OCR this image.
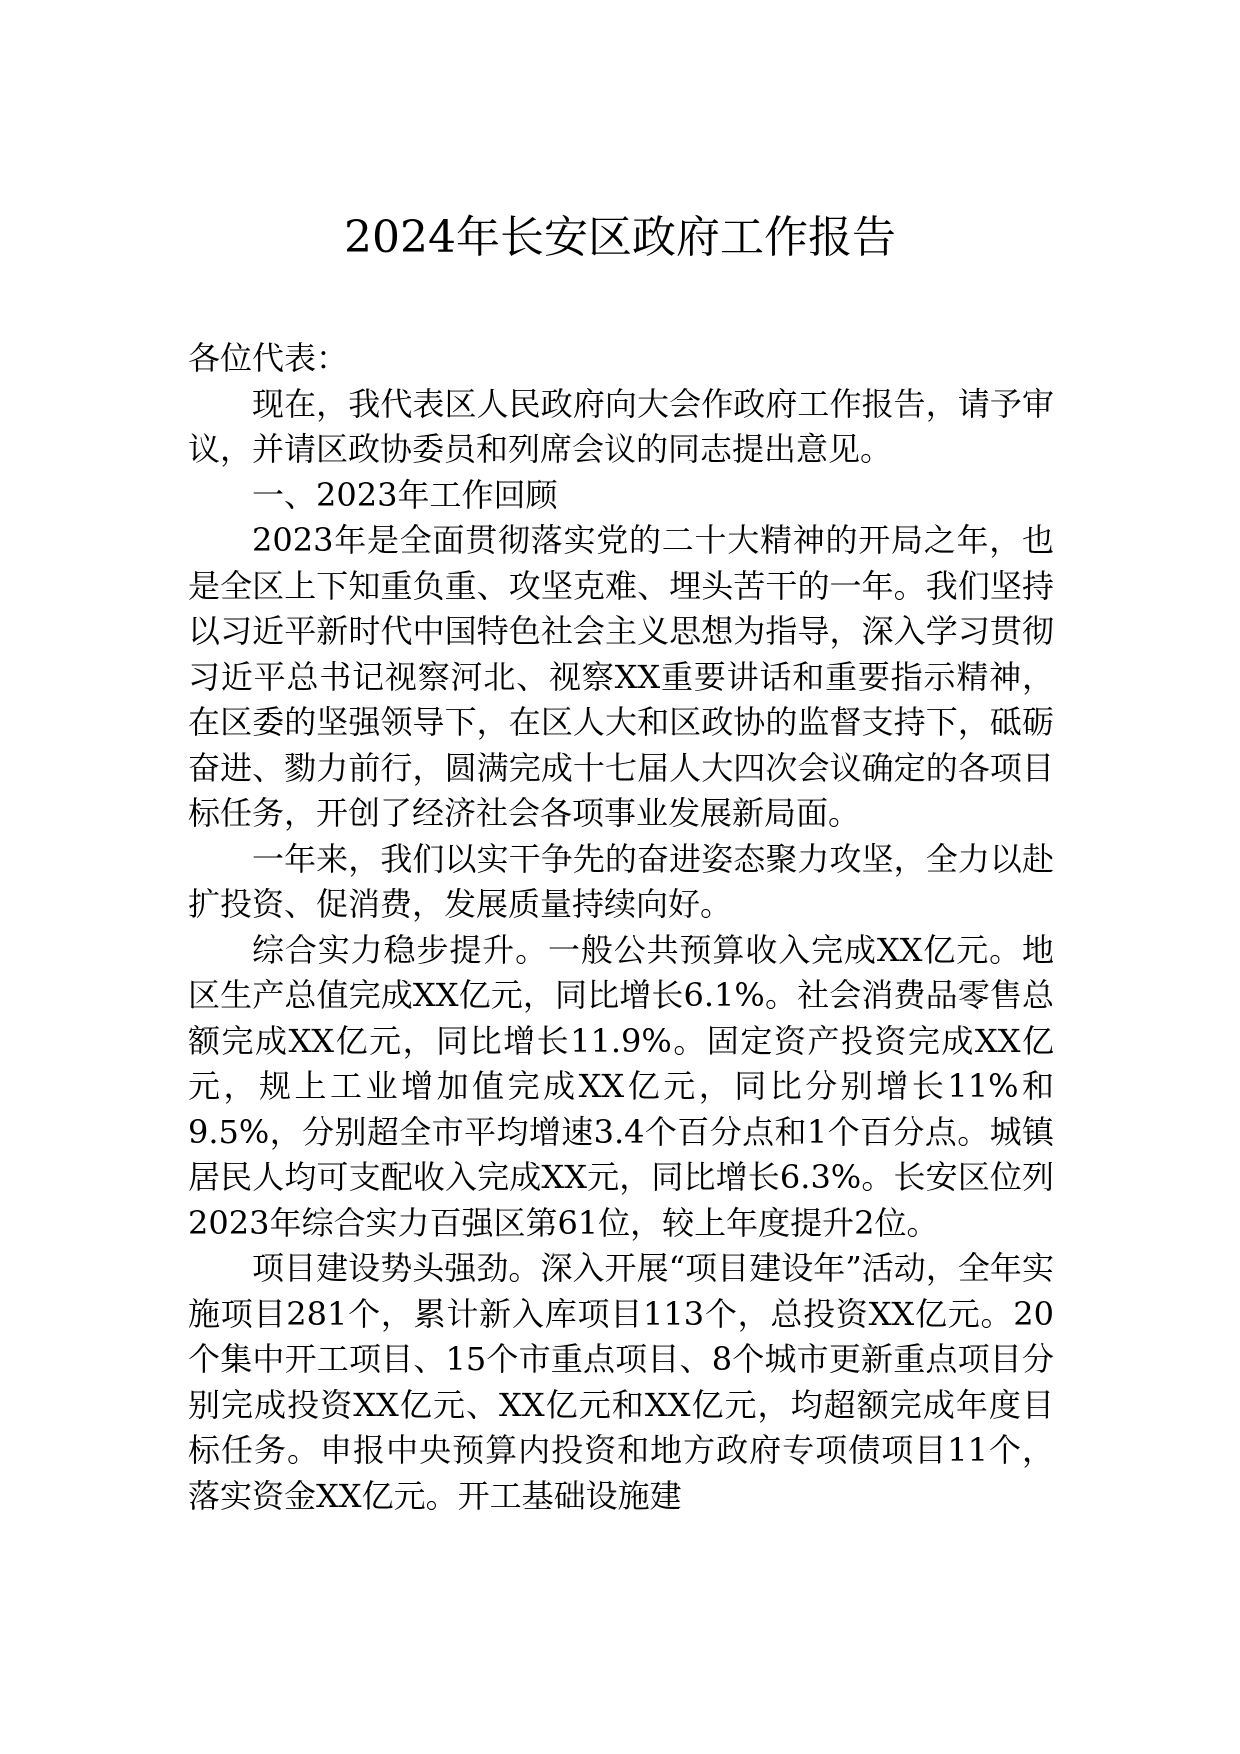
2024年长安区政府工作报告

各位代表：

现在，我代表区人民政府向大会作政府工作报告，请予审议，并请区政协委员和列席会议的同志提出意见。

一、2023年工作回顾

2023年是全面贯彻落实党的二十大精神的开局之年，也是全区上下知重负重、攻坚克难、埋头苦干的一年。我们坚持以习近平新时代中国特色社会主义思想为指导，深入学习贯彻习近平总书记视察河北、视察XX重要讲话和重要指示精神，在区委的坚强领导下，在区人大和区政协的监督支持下，砥砺奋进、勠力前行，圆满完成十七届人大四次会议确定的各项目标任务，开创了经济社会各项事业发展新局面。

一年来，我们以实干争先的奋进姿态聚力攻坚，全力以赴扩投资、促消费，发展质量持续向好。

综合实力稳步提升。一般公共预算收入完成XX亿元。地区生产总值完成XX亿元，同比增长6.1%。社会消费品零售总额完成XX亿元，同比增长11.9%。固定资产投资完成XX亿元，规上工业增加值完成XX亿元，同比分别增长11%和9.5%，分别超全市平均增速3.4个百分点和1个百分点。城镇居民人均可支配收入完成XX元，同比增长6.3%。长安区位列2023年综合实力百强区第61位，较上年度提升2位。

项目建设势头强劲。深入开展“项目建设年”活动，全年实施项目281个，累计新入库项目113个，总投资XX亿元。20个集中开工项目、15个市重点项目、8个城市更新重点项目分别完成投资XX亿元、XX亿元和XX亿元，均超额完成年度目标任务。申报中央预算内投资和地方政府专项债项目11个，落实资金XX亿元。开工基础设施建
